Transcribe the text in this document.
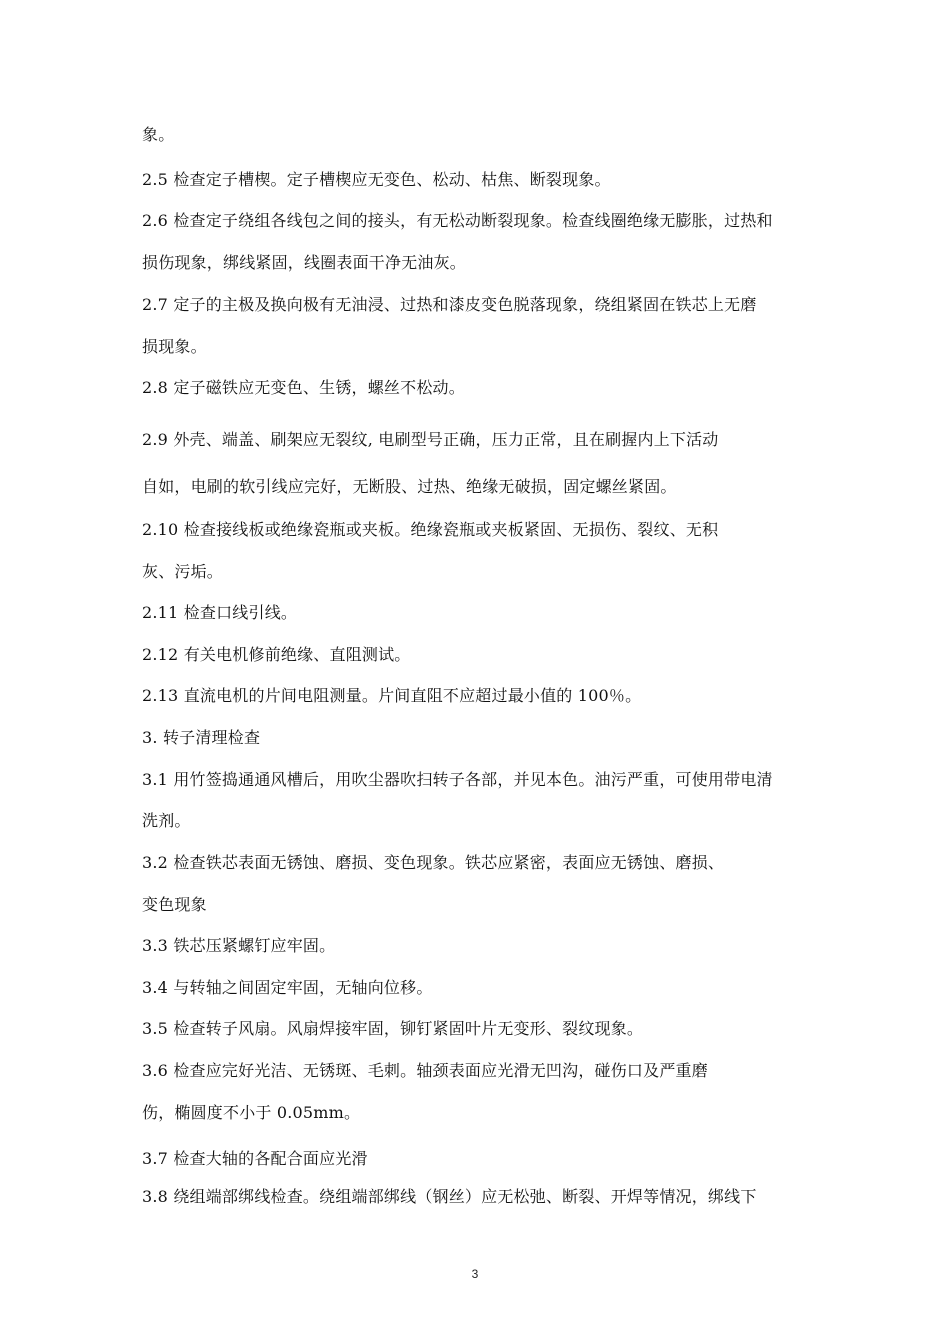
象。
2.5 检查定子槽楔。定子槽楔应无变色、松动、枯焦、断裂现象。
2.6 检查定子绕组各线包之间的接头，有无松动断裂现象。检查线圈绝缘无膨胀，过热和
损伤现象，绑线紧固，线圈表面干净无油灰。
2.7 定子的主极及换向极有无油浸、过热和漆皮变色脱落现象，绕组紧固在铁芯上无磨
损现象。
2.8 定子磁铁应无变色、生锈，螺丝不松动。
2.9 外壳、端盖、刷架应无裂纹, 电刷型号正确，压力正常，且在刷握内上下活动
自如，电刷的软引线应完好，无断股、过热、绝缘无破损，固定螺丝紧固。
2.10 检查接线板或绝缘瓷瓶或夹板。绝缘瓷瓶或夹板紧固、无损伤、裂纹、无积
灰、污垢。
2.11 检查口线引线。
2.12 有关电机修前绝缘、直阻测试。
2.13 直流电机的片间电阻测量。片间直阻不应超过最小值的 100％。
3. 转子清理检查
3.1 用竹签捣通通风槽后，用吹尘器吹扫转子各部，并见本色。油污严重，可使用带电清
洗剂。
3.2 检查铁芯表面无锈蚀、磨损、变色现象。铁芯应紧密，表面应无锈蚀、磨损、
变色现象
3.3 铁芯压紧螺钉应牢固。
3.4 与转轴之间固定牢固，无轴向位移。
3.5 检查转子风扇。风扇焊接牢固，铆钉紧固叶片无变形、裂纹现象。
3.6 检查应完好光洁、无锈斑、毛刺。轴颈表面应光滑无凹沟，碰伤口及严重磨
伤，椭圆度不小于 0.05mm。
3.7 检查大轴的各配合面应光滑
3.8 绕组端部绑线检查。绕组端部绑线（钢丝）应无松弛、断裂、开焊等情况，绑线下
3
